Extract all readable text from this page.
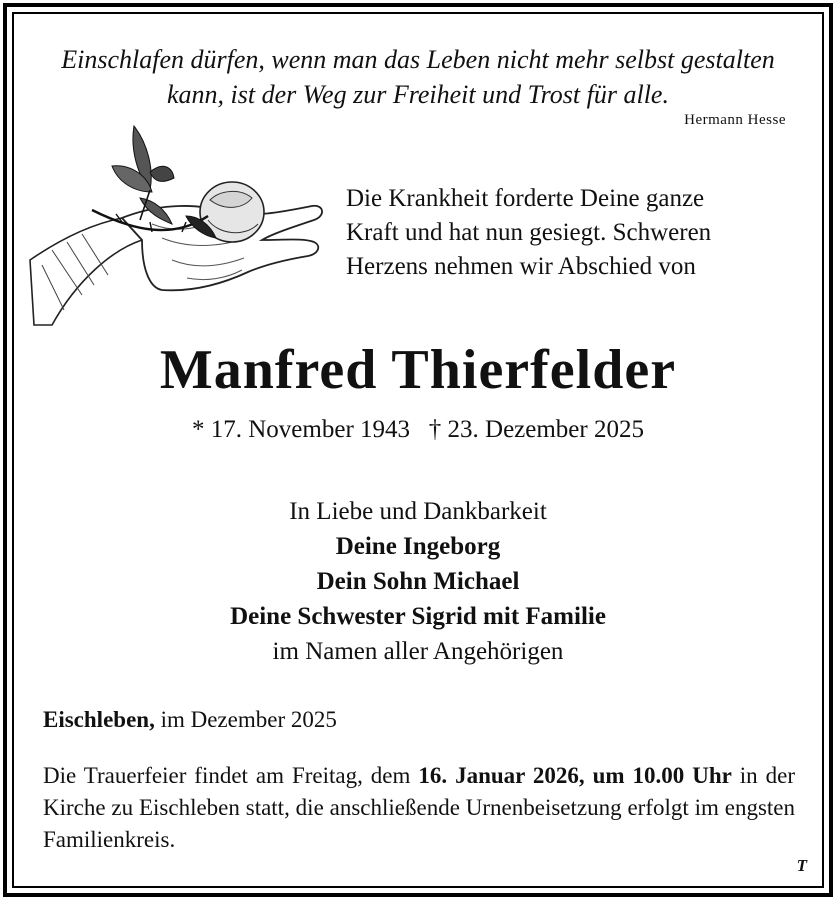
Einschlafen dürfen, wenn man das Leben nicht mehr selbst gestalten
kann, ist der Weg zur Freiheit und Trost für alle.
Hermann Hesse
Die Krankheit forderte Deine ganze
Kraft und hat nun gesiegt. Schweren
Herzens nehmen wir Abschied von
Manfred Thierfelder
* 17. November 1943   † 23. Dezember 2025
In Liebe und Dankbarkeit
Deine Ingeborg
Dein Sohn Michael
Deine Schwester Sigrid mit Familie
im Namen aller Angehörigen
Eischleben, im Dezember 2025
Die Trauerfeier findet am Freitag, dem 16. Januar 2026, um 10.00 Uhr in der Kirche zu Eischleben statt, die anschließende Urnenbeisetzung erfolgt im engsten Familienkreis.
T
